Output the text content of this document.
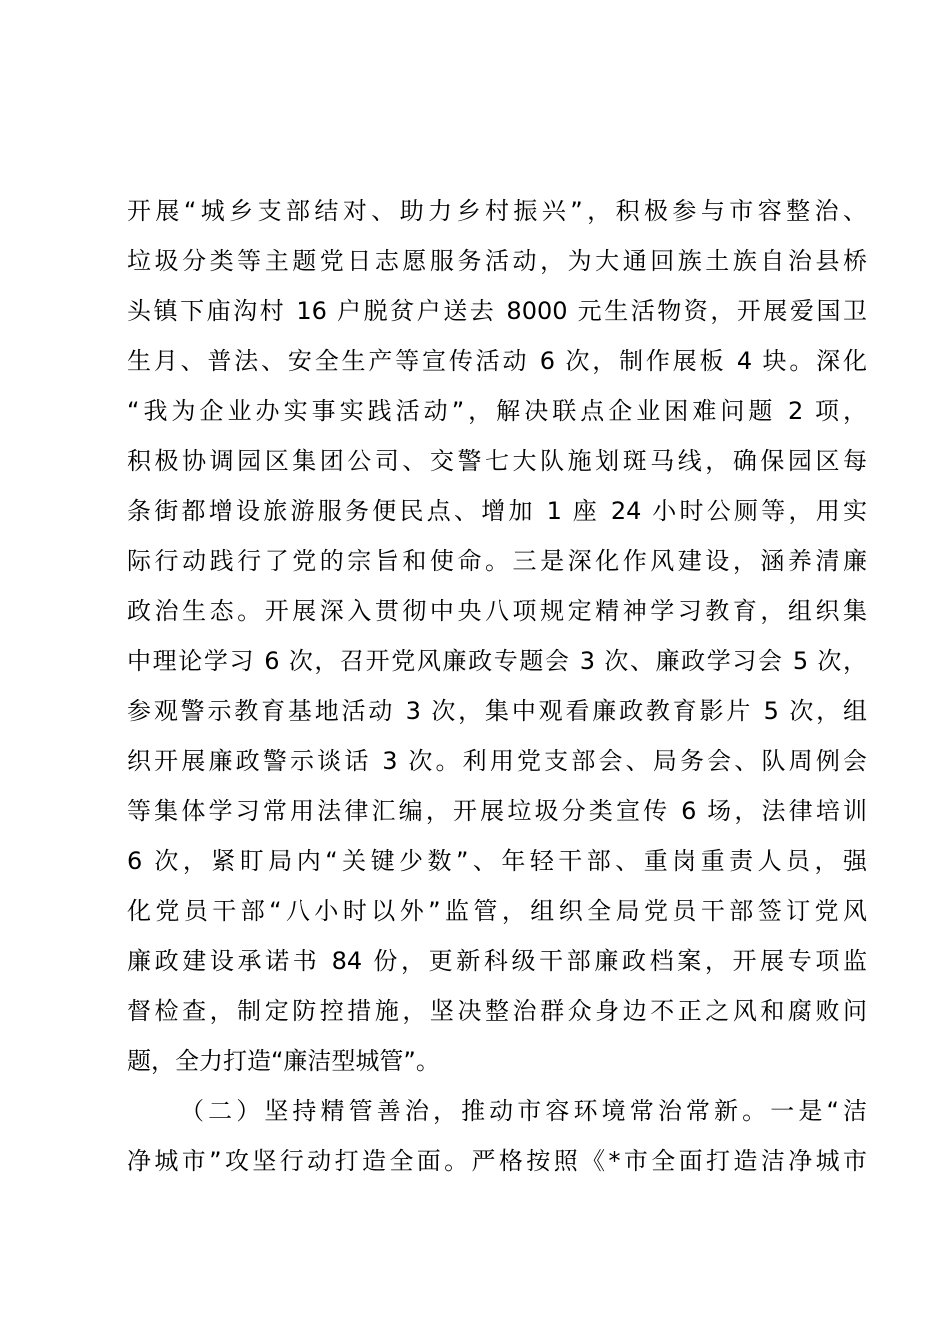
开展“城乡支部结对、助力乡村振兴”，积极参与市容整治、
垃圾分类等主题党日志愿服务活动，为大通回族土族自治县桥
头镇下庙沟村 16 户脱贫户送去 8000 元生活物资，开展爱国卫
生月、普法、安全生产等宣传活动 6 次，制作展板 4 块。深化
“我为企业办实事实践活动”，解决联点企业困难问题 2 项，
积极协调园区集团公司、交警七大队施划斑马线，确保园区每
条街都增设旅游服务便民点、增加 1 座 24 小时公厕等，用实
际行动践行了党的宗旨和使命。三是深化作风建设，涵养清廉
政治生态。开展深入贯彻中央八项规定精神学习教育，组织集
中理论学习 6 次，召开党风廉政专题会 3 次、廉政学习会 5 次，
参观警示教育基地活动 3 次，集中观看廉政教育影片 5 次，组
织开展廉政警示谈话 3 次。利用党支部会、局务会、队周例会
等集体学习常用法律汇编，开展垃圾分类宣传 6 场，法律培训
6 次，紧盯局内“关键少数”、年轻干部、重岗重责人员，强
化党员干部“八小时以外”监管，组织全局党员干部签订党风
廉政建设承诺书 84 份，更新科级干部廉政档案，开展专项监
督检查，制定防控措施，坚决整治群众身边不正之风和腐败问
题，全力打造“廉洁型城管”。
（二）坚持精管善治，推动市容环境常治常新。一是“洁
净城市”攻坚行动打造全面。严格按照《*市全面打造洁净城市
